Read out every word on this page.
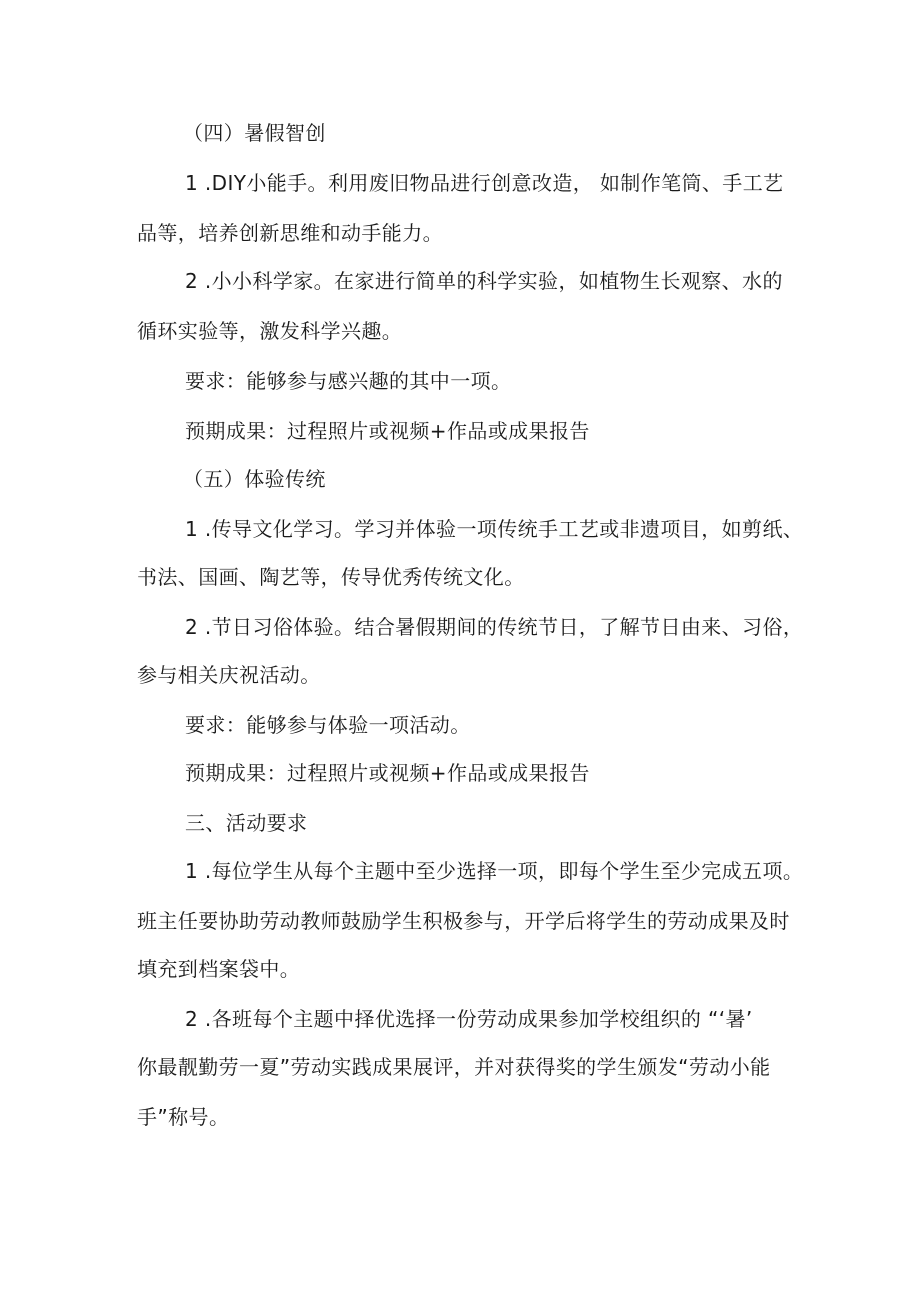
（四）暑假智创
1 .DIY小能手。利用废旧物品进行创意改造， 如制作笔筒、手工艺
品等，培养创新思维和动手能力。
2 .小小科学家。在家进行简单的科学实验，如植物生长观察、水的
循环实验等，激发科学兴趣。
要求：能够参与感兴趣的其中一项。
预期成果：过程照片或视频+作品或成果报告
（五）体验传统
1 .传导文化学习。学习并体验一项传统手工艺或非遗项目，如剪纸、
书法、国画、陶艺等，传导优秀传统文化。
2 .节日习俗体验。结合暑假期间的传统节日，了解节日由来、习俗，
参与相关庆祝活动。
要求：能够参与体验一项活动。
预期成果：过程照片或视频+作品或成果报告
三、活动要求
1 .每位学生从每个主题中至少选择一项，即每个学生至少完成五项。
班主任要协助劳动教师鼓励学生积极参与，开学后将学生的劳动成果及时
填充到档案袋中。
2 .各班每个主题中择优选择一份劳动成果参加学校组织的 “‘暑’
你最靓勤劳一夏”劳动实践成果展评，并对获得奖的学生颁发“劳动小能
手”称号。
